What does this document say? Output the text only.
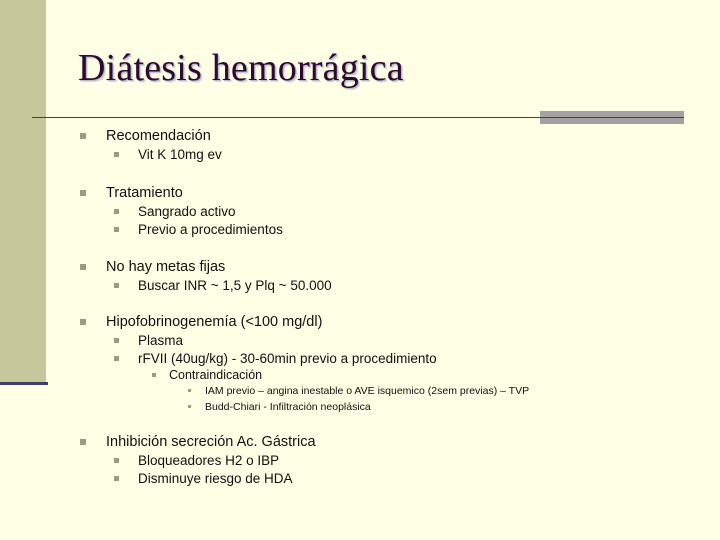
Diátesis hemorrágica
Recomendación
Vit K 10mg ev
Tratamiento
Sangrado activo
Previo a procedimientos
No hay metas fijas
Buscar INR ~ 1,5 y Plq ~ 50.000
Hipofobrinogenemía (<100 mg/dl)
Plasma
rFVII (40ug/kg) - 30-60min previo a procedimiento
Contraindicación
IAM previo – angina inestable o AVE isquemico (2sem previas) – TVP
Budd-Chiari - Infiltración neoplásica
Inhibición secreción Ac. Gástrica
Bloqueadores H2 o IBP
Disminuye riesgo de HDA
